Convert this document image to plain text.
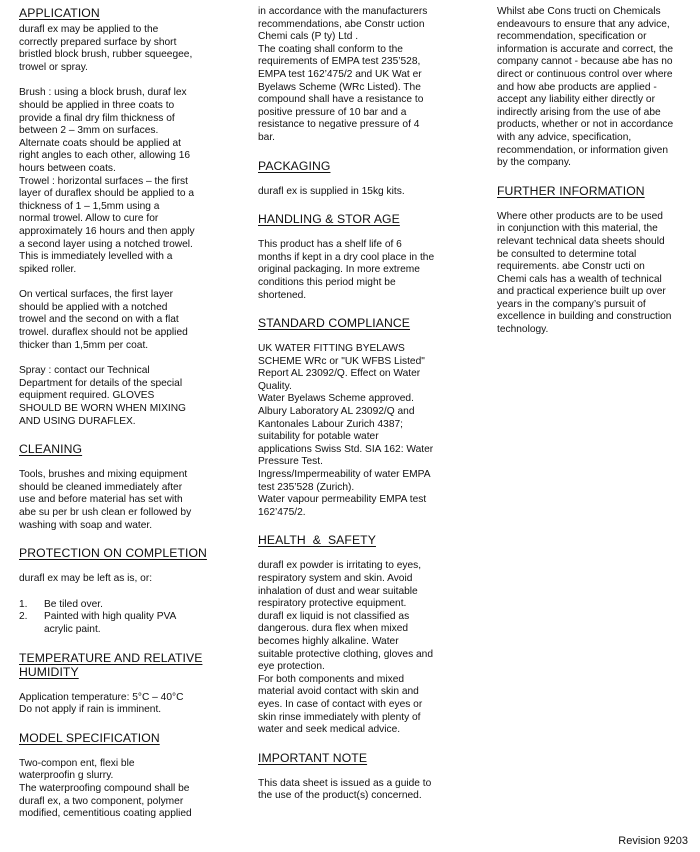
APPLICATION

durafl ex may be applied to the
correctly prepared surface by short
bristled block brush, rubber squeegee,
trowel or spray.

Brush : using a block brush, duraf lex
should be applied in three coats to
provide a final dry film thickness of
between 2 – 3mm on surfaces.
Alternate coats should be applied at
right angles to each other, allowing 16
hours between coats.

Trowel : horizontal surfaces – the first
layer of duraflex should be applied to a
thickness of 1 – 1,5mm using a
normal trowel. Allow to cure for
approximately 16 hours and then apply
a second layer using a notched trowel.
This is immediately levelled with a
spiked roller.

On vertical surfaces, the first layer
should be applied with a notched
trowel and the second on with a flat
trowel. duraflex should not be applied
thicker than 1,5mm per coat.

Spray : contact our Technical
Department for details of the special
equipment required. GLOVES
SHOULD BE WORN WHEN MIXING
AND USING DURAFLEX.

CLEANING

Tools, brushes and mixing equipment
should be cleaned immediately after
use and before material has set with
abe su per br ush clean er followed by
washing with soap and water.

PROTECTION ON COMPLETION

durafl ex may be left as is, or:

1.	Be tiled over.
2.	Painted with high quality PVA
acrylic paint.
TEMPERATURE AND RELATIVE
HUMIDITY

Application temperature: 5°C – 40°C
Do not apply if rain is imminent.

MODEL SPECIFICATION

Two-compon ent, flexi ble
waterproofin g slurry.
The waterproofing compound shall be
durafl ex, a two component, polymer
modified, cementitious coating applied

in accordance with the manufacturers
recommendations, abe Constr uction
Chemi cals (P ty) Ltd .
The coating shall conform to the
requirements of EMPA test 235’528,
EMPA test 162’475/2 and UK Wat er
Byelaws Scheme (WRc Listed). The
compound shall have a resistance to
positive pressure of 10 bar and a
resistance to negative pressure of 4
bar.

PACKAGING

durafl ex is supplied in 15kg kits.

HANDLING & STOR AGE

This product has a shelf life of 6
months if kept in a dry cool place in the
original packaging. In more extreme
conditions this period might be
shortened.

STANDARD COMPLIANCE

UK WATER FITTING BYELAWS
SCHEME WRc or "UK WFBS Listed"
Report AL 23092/Q. Effect on Water
Quality.
Water Byelaws Scheme approved.
Albury Laboratory AL 23092/Q and
Kantonales Labour Zurich 4387;
suitability for potable water
applications Swiss Std. SIA 162: Water
Pressure Test.
Ingress/Impermeability of water EMPA
test 235’528 (Zurich).
Water vapour permeability EMPA test
162’475/2.

HEALTH  &  SAFETY

durafl ex powder is irritating to eyes,
respiratory system and skin. Avoid
inhalation of dust and wear suitable
respiratory protective equipment.
durafl ex liquid is not classified as
dangerous. dura flex when mixed
becomes highly alkaline. Water
suitable protective clothing, gloves and
eye protection.
For both components and mixed
material avoid contact with skin and
eyes. In case of contact with eyes or
skin rinse immediately with plenty of
water and seek medical advice.

IMPORTANT NOTE

This data sheet is issued as a guide to
the use of the product(s) concerned.

Whilst abe Cons tructi on Chemicals
endeavours to ensure that any advice,
recommendation, specification or
information is accurate and correct, the
company cannot - because abe has no
direct or continuous control over where
and how abe products are applied -
accept any liability either directly or
indirectly arising from the use of abe
products, whether or not in accordance
with any advice, specification,
recommendation, or information given
by the company.

FURTHER INFORMATION

Where other products are to be used
in conjunction with this material, the
relevant technical data sheets should
be consulted to determine total
requirements. abe Constr ucti on
Chemi cals has a wealth of technical
and practical experience built up over
years in the company’s pursuit of
excellence in building and construction
technology.

Revision 9203
